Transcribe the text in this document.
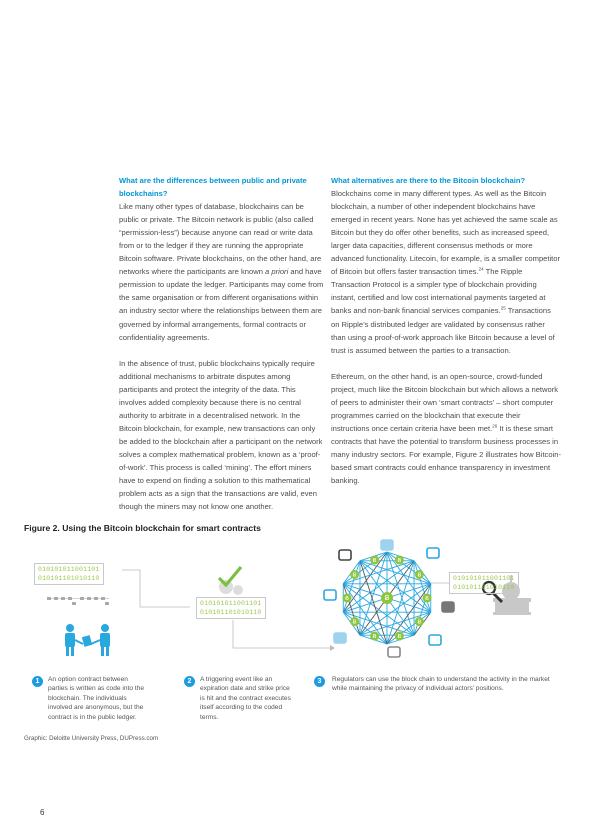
What are the differences between public and private blockchains?
Like many other types of database, blockchains can be public or private. The Bitcoin network is public (also called “permission-less”) because anyone can read or write data from or to the ledger if they are running the appropriate Bitcoin software. Private blockchains, on the other hand, are networks where the participants are known a priori and have permission to update the ledger. Participants may come from the same organisation or from different organisations within an industry sector where the relationships between them are governed by informal arrangements, formal contracts or confidentiality agreements.
In the absence of trust, public blockchains typically require additional mechanisms to arbitrate disputes among participants and protect the integrity of the data. This involves added complexity because there is no central authority to arbitrate in a decentralised network. In the Bitcoin blockchain, for example, new transactions can only be added to the blockchain after a participant on the network solves a complex mathematical problem, known as a ‘proof-of-work’. This process is called ‘mining’. The effort miners have to expend on finding a solution to this mathematical problem acts as a sign that the transactions are valid, even though the miners may not know one another.
What alternatives are there to the Bitcoin blockchain?
Blockchains come in many different types. As well as the Bitcoin blockchain, a number of other independent blockchains have emerged in recent years. None has yet achieved the same scale as Bitcoin but they do offer other benefits, such as increased speed, larger data capacities, different consensus methods or more advanced functionality. Litecoin, for example, is a smaller competitor of Bitcoin but offers faster transaction times.$^{24}$ The Ripple Transaction Protocol is a simpler type of blockchain providing instant, certified and low cost international payments targeted at banks and non-bank financial services companies.$^{25}$ Transactions on Ripple’s distributed ledger are validated by consensus rather than using a proof-of-work approach like Bitcoin because a level of trust is assumed between the parties to a transaction.
Ethereum, on the other hand, is an open-source, crowd-funded project, much like the Bitcoin blockchain but which allows a network of peers to administer their own ‘smart contracts’ – short computer programmes carried on the blockchain that execute their instructions once certain criteria have been met.$^{26}$ It is these smart contracts that have the potential to transform business processes in many industry sectors. For example, Figure 2 illustrates how Bitcoin-based smart contracts could enhance transparency in investment banking.
Figure 2. Using the Bitcoin blockchain for smart contracts
Ƀ
Ƀ
Ƀ
Ƀ
Ƀ
Ƀ
Ƀ
Ƀ
Ƀ
Ƀ
Ƀ
010101011001101
010101101010110
010101011001101
010101101010110
010101011001101
010101101010110
1	An option contract between parties is written as code into the blockchain. The individuals involved are anonymous, but the contract is in the public ledger.
2	A triggering event like an expiration date and strike price is hit and the contract executes itself according to the coded terms.
3	Regulators can use the block chain to understand the activity in the market while maintaining the privacy of individual actors’ positions.
Graphic: Deloitte University Press, DUPress.com
6
